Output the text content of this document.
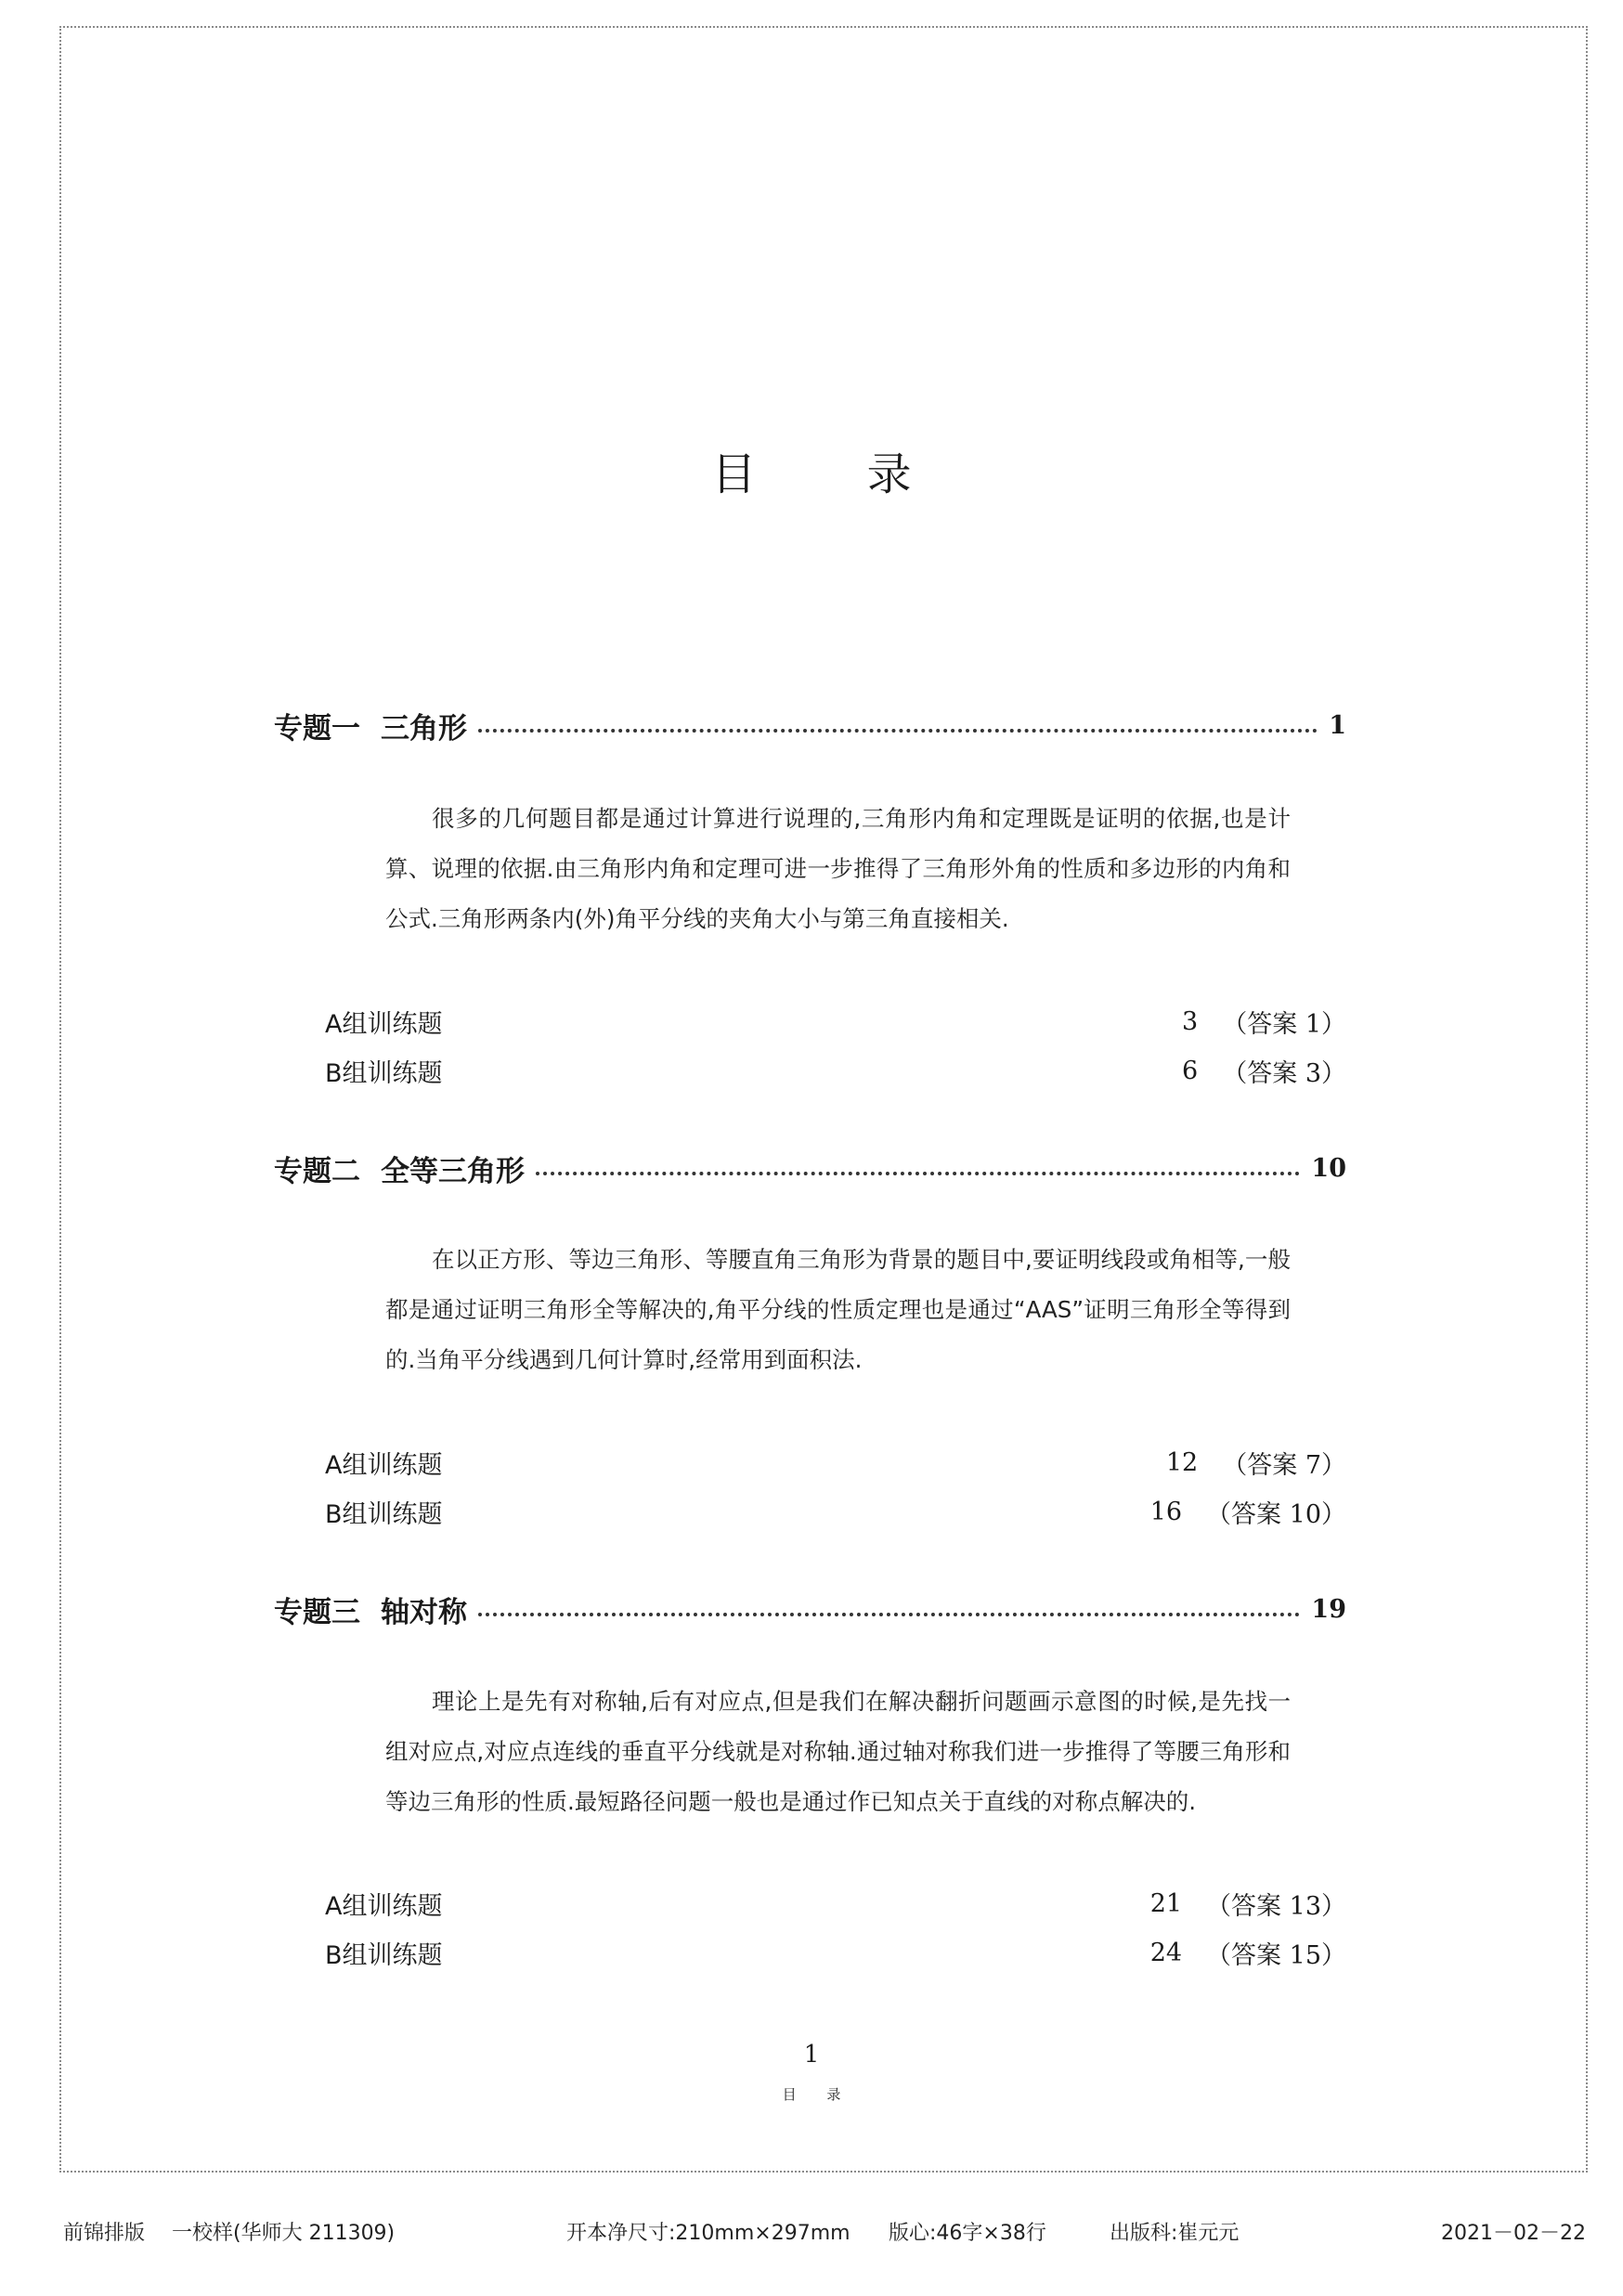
目 录
专题一 三角形	1

很多的几何题目都是通过计算进行说理的,三角形内角和定理既是证明的依据,也是计算、说理的依据.由三角形内角和定理可进一步推得了三角形外角的性质和多边形的内角和公式.三角形两条内(外)角平分线的夹角大小与第三角直接相关.

A组训练题	3 （答案 1）
B组训练题	6 （答案 3）
专题二 全等三角形	10

在以正方形、等边三角形、等腰直角三角形为背景的题目中,要证明线段或角相等,一般都是通过证明三角形全等解决的,角平分线的性质定理也是通过“AAS”证明三角形全等得到的.当角平分线遇到几何计算时,经常用到面积法.

A组训练题	12 （答案 7）
B组训练题	16 （答案 10）
专题三 轴对称	19

理论上是先有对称轴,后有对应点,但是我们在解决翻折问题画示意图的时候,是先找一组对应点,对应点连线的垂直平分线就是对称轴.通过轴对称我们进一步推得了等腰三角形和等边三角形的性质.最短路径问题一般也是通过作已知点关于直线的对称点解决的.

A组训练题	21 （答案 13）
B组训练题	24 （答案 15）
1
目 录
前锦排版 一校样(华师大 211309)	开本净尺寸:210mm×297mm 版心:46字×38行	出版科:崔元元	2021－02－22
